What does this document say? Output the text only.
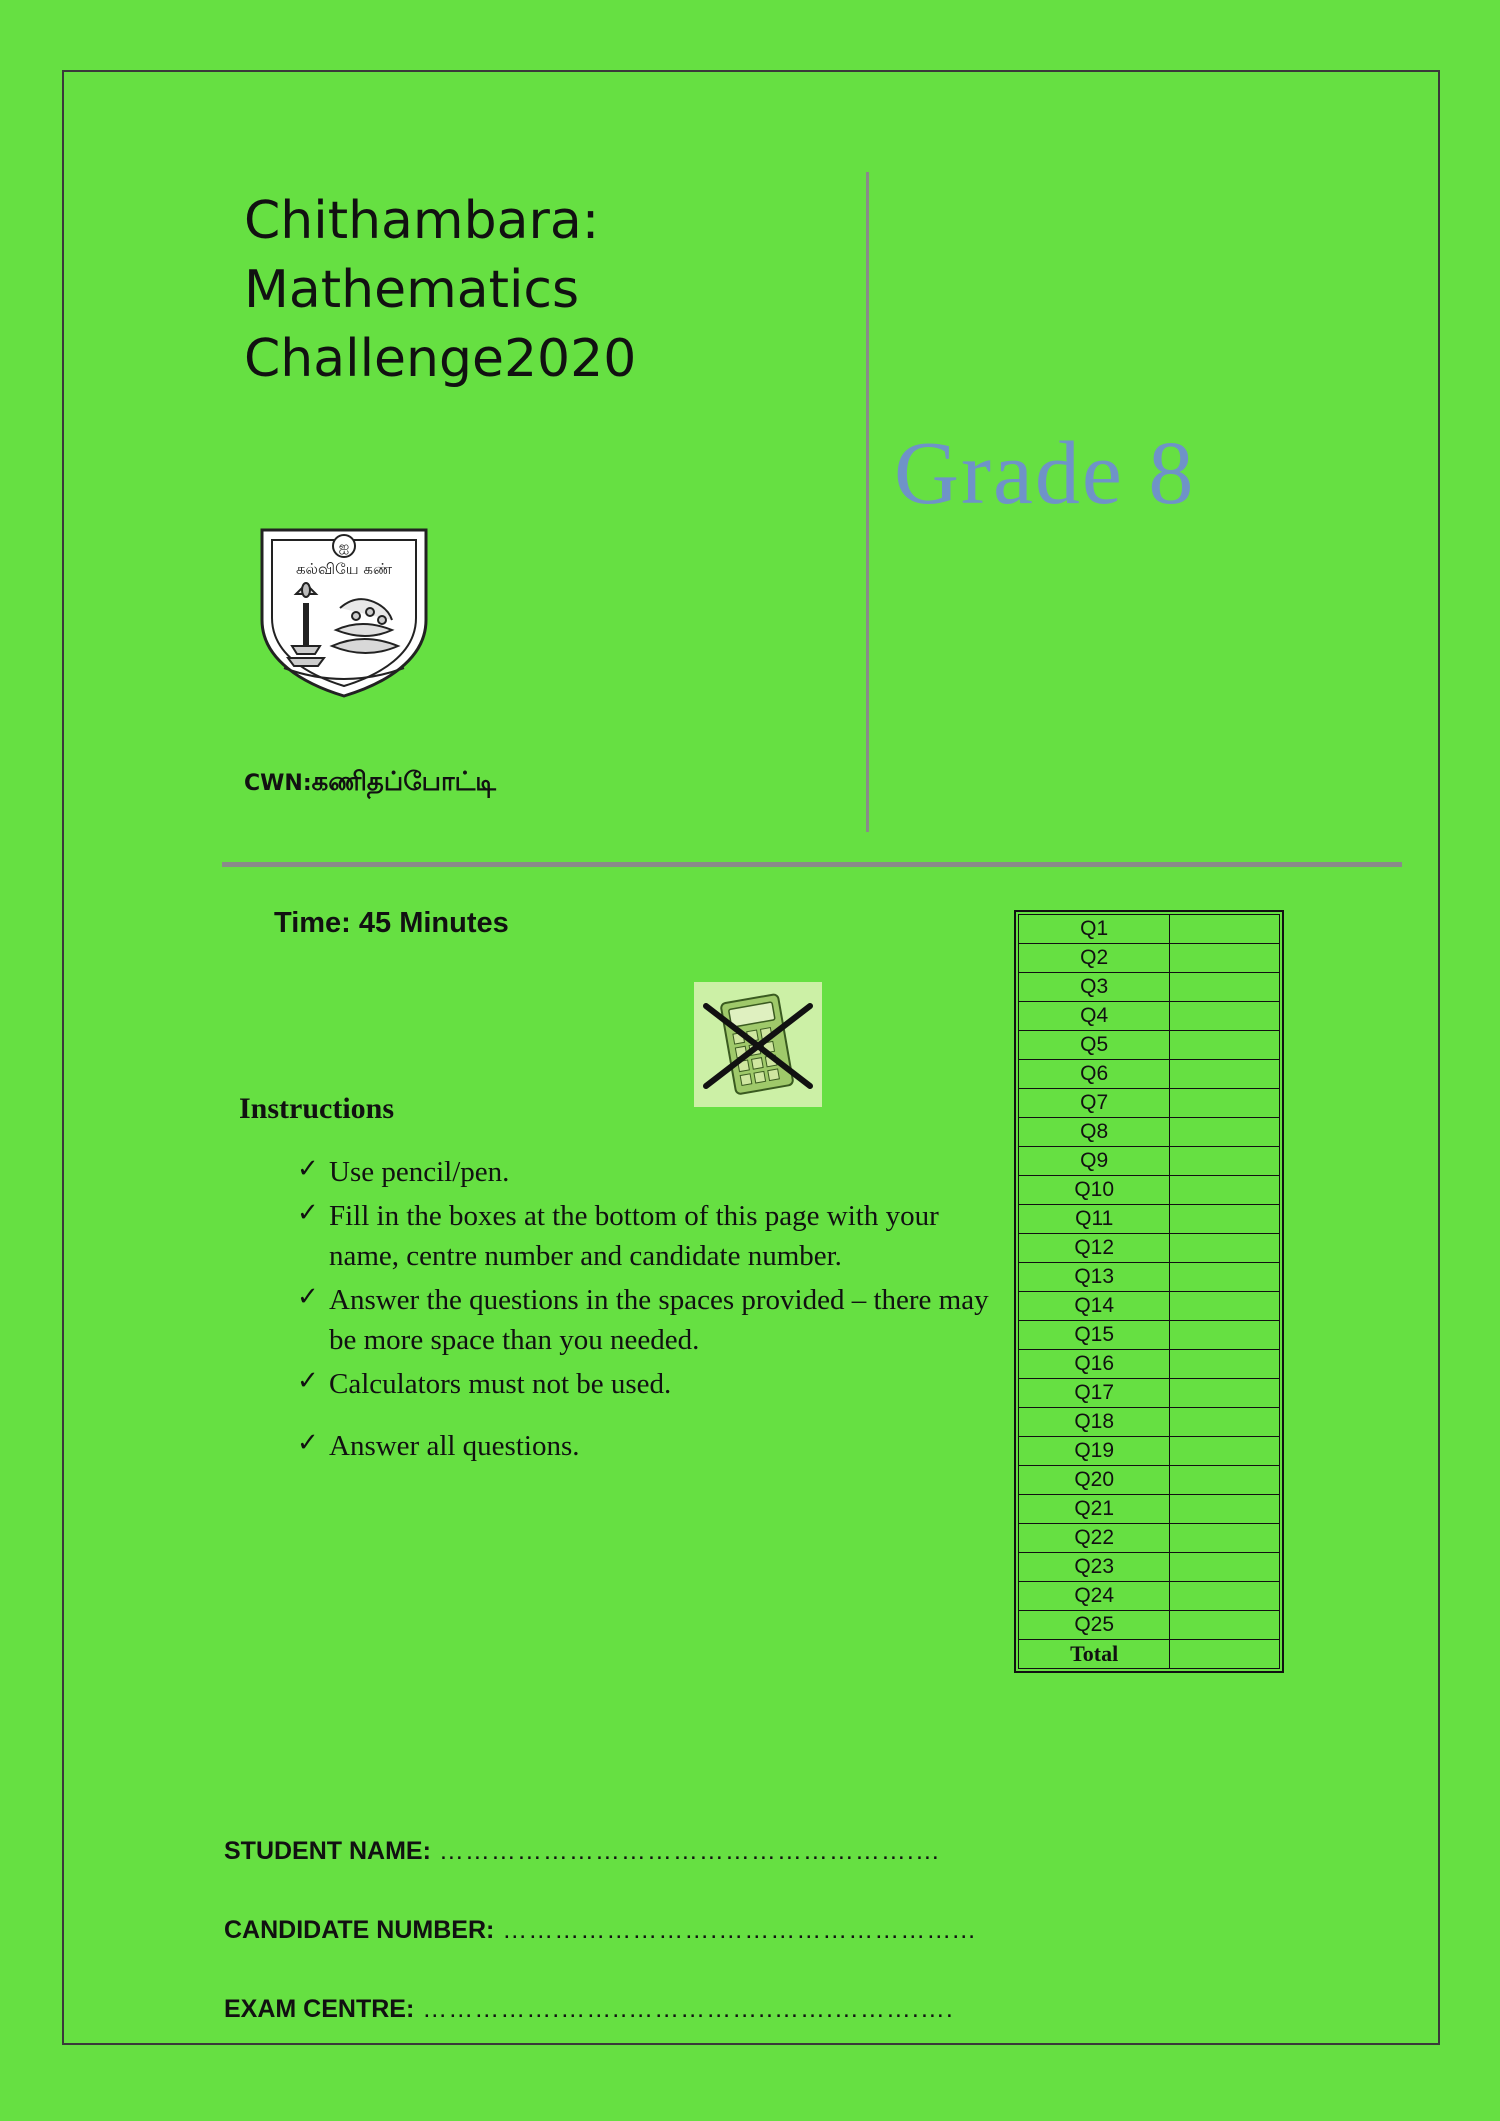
Chithambara:
Mathematics
Challenge2020
Grade 8
ஐ
கல்வியே கண்
CWN:கணிதப்போட்டி
Time: 45 Minutes
Instructions
✓ Use pencil/pen.
✓ Fill in the boxes at the bottom of this page with your name, centre number and candidate number.
✓ Answer the questions in the spaces provided – there may be more space than you needed.
✓ Calculators must not be used.
✓ Answer all questions.
Q1	
Q2	
Q3	
Q4	
Q5	
Q6	
Q7	
Q8	
Q9	
Q10	
Q11	
Q12	
Q13	
Q14	
Q15	
Q16	
Q17	
Q18	
Q19	
Q20	
Q21	
Q22	
Q23	
Q24	
Q25	
Total	
STUDENT NAME: ……………………………………………….…
CANDIDATE NUMBER: …………………….………………………...
EXAM CENTRE: …………….……..……………..…….……….….
